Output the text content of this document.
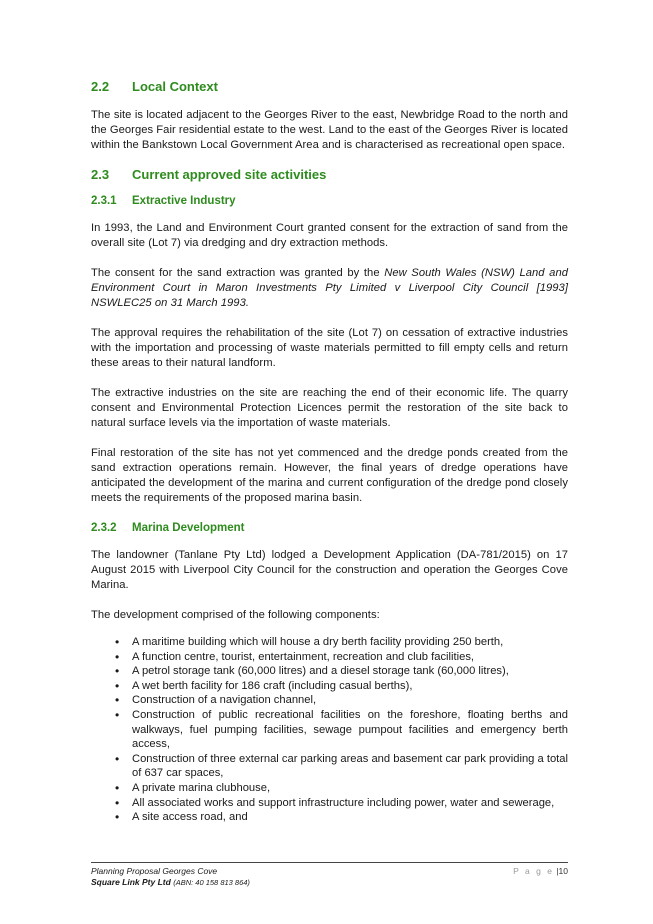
2.2	Local Context

The site is located adjacent to the Georges River to the east, Newbridge Road to the north and the Georges Fair residential estate to the west. Land to the east of the Georges River is located within the Bankstown Local Government Area and is characterised as recreational open space.

2.3	Current approved site activities
2.3.1	Extractive Industry

In 1993, the Land and Environment Court granted consent for the extraction of sand from the overall site (Lot 7) via dredging and dry extraction methods.

The consent for the sand extraction was granted by the New South Wales (NSW) Land and Environment Court in Maron Investments Pty Limited v Liverpool City Council [1993] NSWLEC25 on 31 March 1993.

The approval requires the rehabilitation of the site (Lot 7) on cessation of extractive industries with the importation and processing of waste materials permitted to fill empty cells and return these areas to their natural landform.

The extractive industries on the site are reaching the end of their economic life. The quarry consent and Environmental Protection Licences permit the restoration of the site back to natural surface levels via the importation of waste materials.

Final restoration of the site has not yet commenced and the dredge ponds created from the sand extraction operations remain. However, the final years of dredge operations have anticipated the development of the marina and current configuration of the dredge pond closely meets the requirements of the proposed marina basin.

2.3.2	Marina Development

The landowner (Tanlane Pty Ltd) lodged a Development Application (DA-781/2015) on 17 August 2015 with Liverpool City Council for the construction and operation the Georges Cove Marina.

The development comprised of the following components:

• A maritime building which will house a dry berth facility providing 250 berth,
• A function centre, tourist, entertainment, recreation and club facilities,
• A petrol storage tank (60,000 litres) and a diesel storage tank (60,000 litres),
• A wet berth facility for 186 craft (including casual berths),
• Construction of a navigation channel,
• Construction of public recreational facilities on the foreshore, floating berths and walkways, fuel pumping facilities, sewage pumpout facilities and emergency berth access,
• Construction of three external car parking areas and basement car park providing a total of 637 car spaces,
• A private marina clubhouse,
• All associated works and support infrastructure including power, water and sewerage,
• A site access road, and
Planning Proposal Georges Cove	P a g e |10
Square Link Pty Ltd (ABN: 40 158 813 864)
